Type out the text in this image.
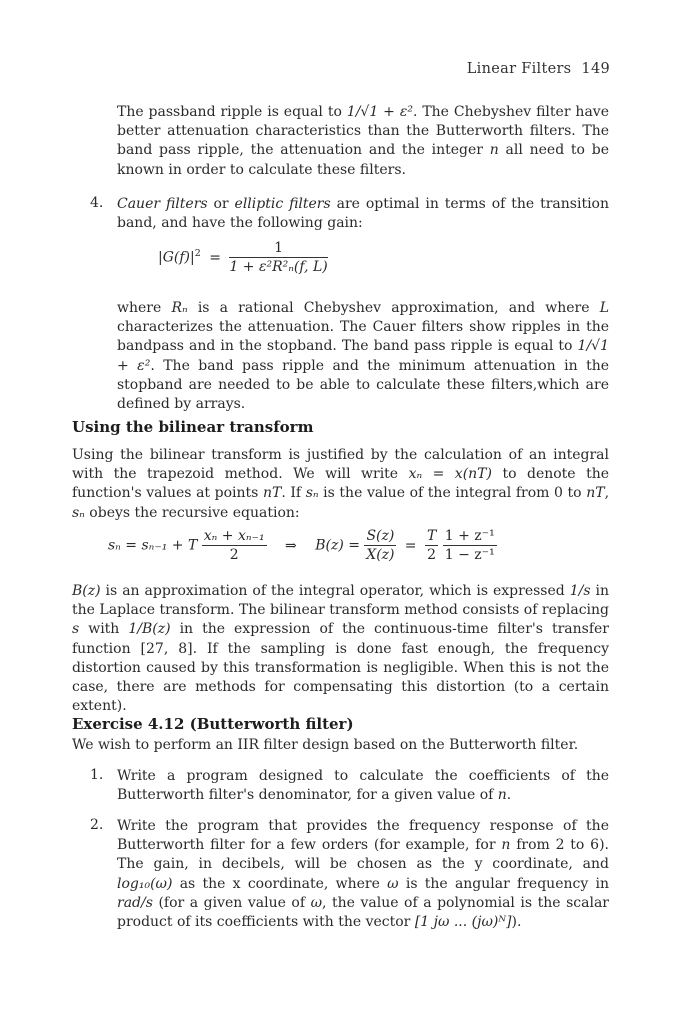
Linear Filters 149
The passband ripple is equal to 1/√1 + ε². The Chebyshev filter have better attenuation characteristics than the Butterworth filters. The band pass ripple, the attenuation and the integer n all need to be known in order to calculate these filters.
4. Cauer filters or elliptic filters are optimal in terms of the transition band, and have the following gain:
$|G(f)|^2 = \frac{1}{\text{1 + ε²R²ₙ(f, L)}}$
where Rₙ is a rational Chebyshev approximation, and where L characterizes the attenuation. The Cauer filters show ripples in the bandpass and in the stopband. The band pass ripple is equal to 1/√1 + ε². The band pass ripple and the minimum attenuation in the stopband are needed to be able to calculate these filters,which are defined by arrays.
Using the bilinear transform
Using the bilinear transform is justified by the calculation of an integral with the trapezoid method. We will write xₙ = x(nT) to denote the function's values at points nT. If sₙ is the value of the integral from 0 to nT, sₙ obeys the recursive equation:
sₙ = sₙ₋₁ + T $\frac{\text{xₙ + xₙ₋₁}}{2}$ ⇒ $B(z) = \frac{S(z)}{X(z)} = \frac{T}{2}$
$\frac{\text{1 + z⁻¹}}{\text{1 − z⁻¹}}$
B(z) is an approximation of the integral operator, which is expressed 1/s in the Laplace transform. The bilinear transform method consists of replacing s with 1/B(z) in the expression of the continuous-time filter's transfer function [27, 8]. If the sampling is done fast enough, the frequency distortion caused by this transformation is negligible. When this is not the case, there are methods for compensating this distortion (to a certain extent).
Exercise 4.12 (Butterworth filter)
We wish to perform an IIR filter design based on the Butterworth filter.
1. Write a program designed to calculate the coefficients of the Butterworth filter's denominator, for a given value of n.
2. Write the program that provides the frequency response of the Butterworth filter for a few orders (for example, for n from 2 to 6). The gain, in decibels, will be chosen as the y coordinate, and log₁₀(ω) as the x coordinate, where ω is the angular frequency in rad/s (for a given value of ω, the value of a polynomial is the scalar product of its coefficients with the vector [1 jω ... (jω)ᴺ]).
